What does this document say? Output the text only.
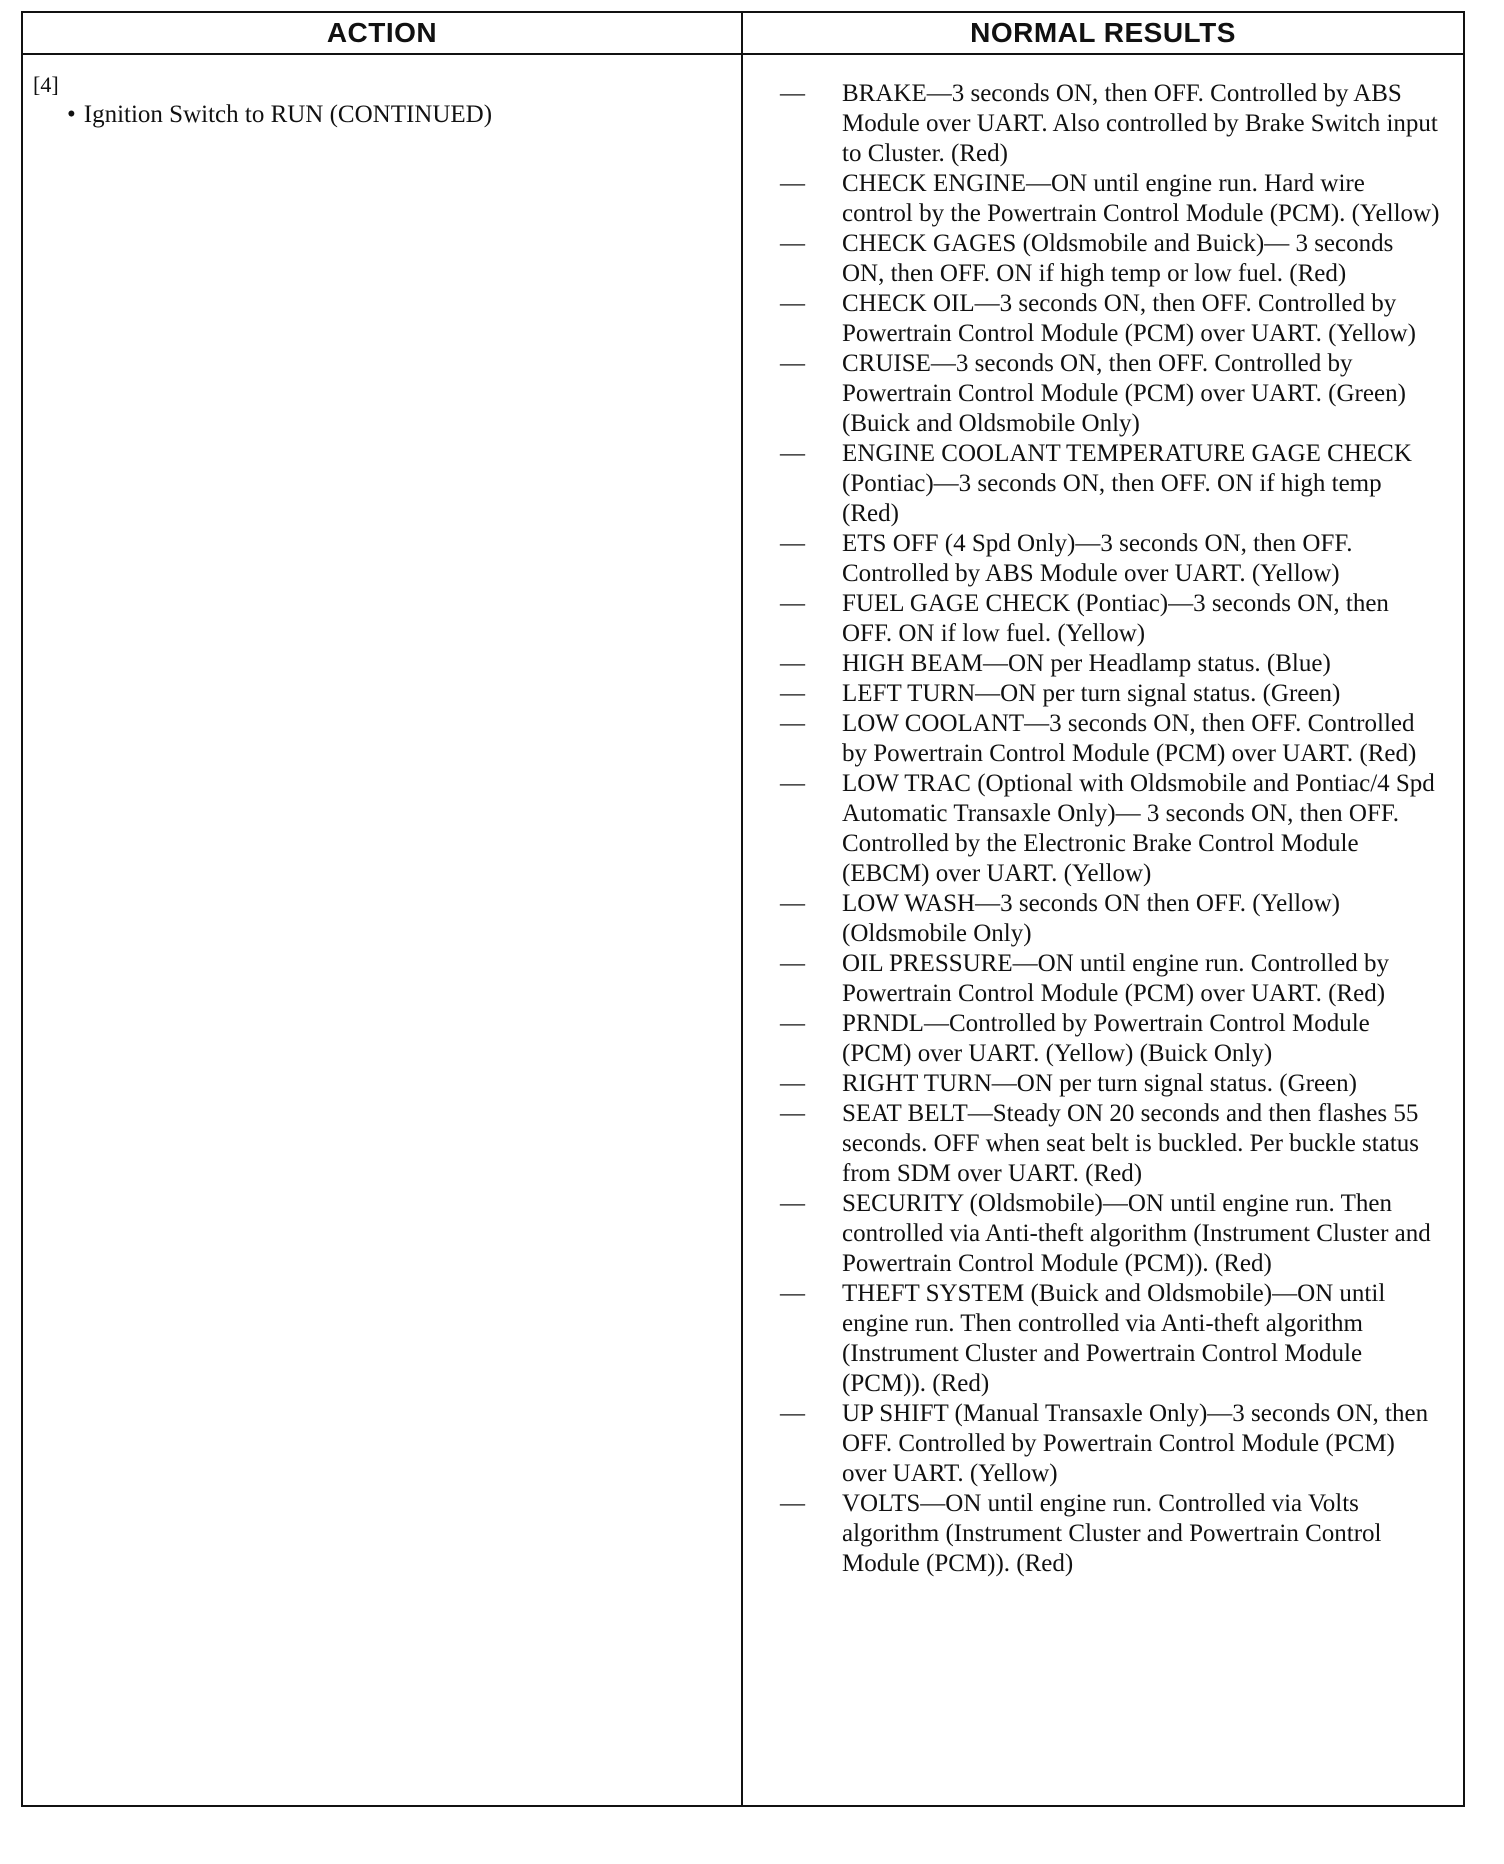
ACTION	NORMAL RESULTS
[4]
• Ignition Switch to RUN (CONTINUED)
—	BRAKE—3 seconds ON, then OFF. Controlled by ABS Module over UART. Also controlled by Brake Switch input to Cluster. (Red)
—	CHECK ENGINE—ON until engine run. Hard wire control by the Powertrain Control Module (PCM). (Yellow)
—	CHECK GAGES (Oldsmobile and Buick)— 3 seconds ON, then OFF. ON if high temp or low fuel. (Red)
—	CHECK OIL—3 seconds ON, then OFF. Controlled by Powertrain Control Module (PCM) over UART. (Yellow)
—	CRUISE—3 seconds ON, then OFF. Controlled by Powertrain Control Module (PCM) over UART. (Green) (Buick and Oldsmobile Only)
—	ENGINE COOLANT TEMPERATURE GAGE CHECK (Pontiac)—3 seconds ON, then OFF. ON if high temp (Red)
—	ETS OFF (4 Spd Only)—3 seconds ON, then OFF. Controlled by ABS Module over UART. (Yellow)
—	FUEL GAGE CHECK (Pontiac)—3 seconds ON, then OFF. ON if low fuel. (Yellow)
—	HIGH BEAM—ON per Headlamp status. (Blue)
—	LEFT TURN—ON per turn signal status. (Green)
—	LOW COOLANT—3 seconds ON, then OFF. Controlled by Powertrain Control Module (PCM) over UART. (Red)
—	LOW TRAC (Optional with Oldsmobile and Pontiac/4 Spd Automatic Transaxle Only)— 3 seconds ON, then OFF. Controlled by the Electronic Brake Control Module (EBCM) over UART. (Yellow)
—	LOW WASH—3 seconds ON then OFF. (Yellow) (Oldsmobile Only)
—	OIL PRESSURE—ON until engine run. Controlled by Powertrain Control Module (PCM) over UART. (Red)
—	PRNDL—Controlled by Powertrain Control Module (PCM) over UART. (Yellow) (Buick Only)
—	RIGHT TURN—ON per turn signal status. (Green)
—	SEAT BELT—Steady ON 20 seconds and then flashes 55 seconds. OFF when seat belt is buckled. Per buckle status from SDM over UART. (Red)
—	SECURITY (Oldsmobile)—ON until engine run. Then controlled via Anti-theft algorithm (Instrument Cluster and Powertrain Control Module (PCM)). (Red)
—	THEFT SYSTEM (Buick and Oldsmobile)—ON until engine run. Then controlled via Anti-theft algorithm (Instrument Cluster and Powertrain Control Module (PCM)). (Red)
—	UP SHIFT (Manual Transaxle Only)—3 seconds ON, then OFF. Controlled by Powertrain Control Module (PCM) over UART. (Yellow)
—	VOLTS—ON until engine run. Controlled via Volts algorithm (Instrument Cluster and Powertrain Control Module (PCM)). (Red)
